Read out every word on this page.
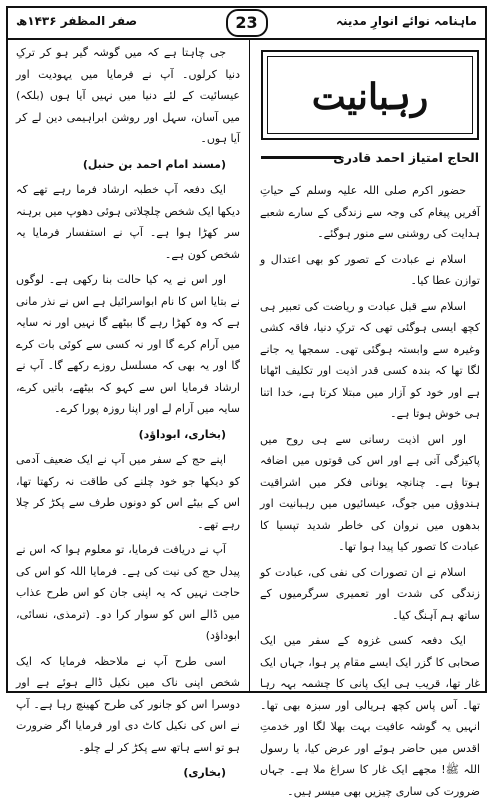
ماہنامہ نوائے انوارِ مدینہ
23
صفر المظفر ۱۴۳۶ھ
رہبانیت
الحاج امتیاز احمد قادری

حضور اکرم صلی اللہ علیہ وسلم کے حیاتِ آفریں پیغام کی وجہ سے زندگی کے سارے شعبے ہدایت کی روشنی سے منور ہوگئے۔

اسلام نے عبادت کے تصور کو بھی اعتدال و توازن عطا کیا۔

اسلام سے قبل عبادت و ریاضت کی تعبیر ہی کچھ ایسی ہوگئی تھی کہ ترکِ دنیا، فاقہ کشی وغیرہ سے وابستہ ہوگئی تھی۔ سمجھا یہ جانے لگا تھا کہ بندہ کسی قدر اذیت اور تکلیف اٹھاتا ہے اور خود کو آزار میں مبتلا کرتا ہے، خدا اتنا ہی خوش ہوتا ہے۔

اور اس اذیت رسانی سے ہی روح میں پاکیزگی آتی ہے اور اس کی قوتوں میں اضافہ ہوتا ہے۔ چنانچہ یونانی فکر میں اشراقیت ہندوؤں میں جوگ، عیسائیوں میں رہبانیت اور بدھوں میں نروان کی خاطر شدید تپسیا کا عبادت کا تصور کیا پیدا ہوا تھا۔

اسلام نے ان تصورات کی نفی کی، عبادت کو زندگی کی شدت اور تعمیری سرگرمیوں کے ساتھ ہم آہنگ کیا۔

ایک دفعہ کسی غزوہ کے سفر میں ایک صحابی کا گزر ایک ایسے مقام پر ہوا، جہاں ایک غار تھا، قریب ہی ایک پانی کا چشمہ بہہ رہا تھا۔ آس پاس کچھ ہریالی اور سبزہ بھی تھا۔ انہیں یہ گوشہ عافیت بہت بھلا لگا اور خدمتِ اقدس میں حاضر ہوئے اور عرض کیا، یا رسول اللہ ﷺ! مجھے ایک غار کا سراغ ملا ہے۔ جہاں ضرورت کی ساری چیزیں بھی میسر ہیں۔

جی چاہتا ہے کہ میں گوشہ گیر ہو کر ترکِ دنیا کرلوں۔ آپ نے فرمایا میں یہودیت اور عیسائیت کے لئے دنیا میں نہیں آیا ہوں (بلکہ) میں آسان، سہل اور روشن ابراہیمی دین لے کر آیا ہوں۔

(مسند امام احمد بن حنبل)

ایک دفعہ آپ خطبہ ارشاد فرما رہے تھے کہ دیکھا ایک شخص چلچلاتی ہوئی دھوپ میں برہنہ سر کھڑا ہوا ہے۔ آپ نے استفسار فرمایا یہ شخص کون ہے۔

اور اس نے یہ کیا حالت بنا رکھی ہے۔ لوگوں نے بتایا اس کا نام ابواسرائیل ہے اس نے نذر مانی ہے کہ وہ کھڑا رہے گا بیٹھے گا نہیں اور نہ سایہ میں آرام کرے گا اور نہ کسی سے کوئی بات کرے گا اور یہ بھی کہ مسلسل روزے رکھے گا۔ آپ نے ارشاد فرمایا اس سے کہو کہ بیٹھے، باتیں کرے، سایہ میں آرام لے اور اپنا روزہ پورا کرے۔

(بخاری، ابوداؤد)

اپنے حج کے سفر میں آپ نے ایک ضعیف آدمی کو دیکھا جو خود چلنے کی طاقت نہ رکھتا تھا، اس کے بیٹے اس کو دونوں طرف سے پکڑ کر چلا رہے تھے۔

آپ نے دریافت فرمایا، تو معلوم ہوا کہ اس نے پیدل حج کی نیت کی ہے۔ فرمایا اللہ کو اس کی حاجت نہیں کہ یہ اپنی جان کو اس طرح عذاب میں ڈالے اس کو سوار کرا دو۔ (ترمذی، نسائی، ابوداؤد)

اسی طرح آپ نے ملاحظہ فرمایا کہ ایک شخص اپنی ناک میں نکیل ڈالے ہوئے ہے اور دوسرا اس کو جانور کی طرح کھینچ رہا ہے۔ آپ نے اس کی نکیل کاٹ دی اور فرمایا اگر ضرورت ہو تو اسے ہاتھ سے پکڑ کر لے چلو۔

(بخاری)
